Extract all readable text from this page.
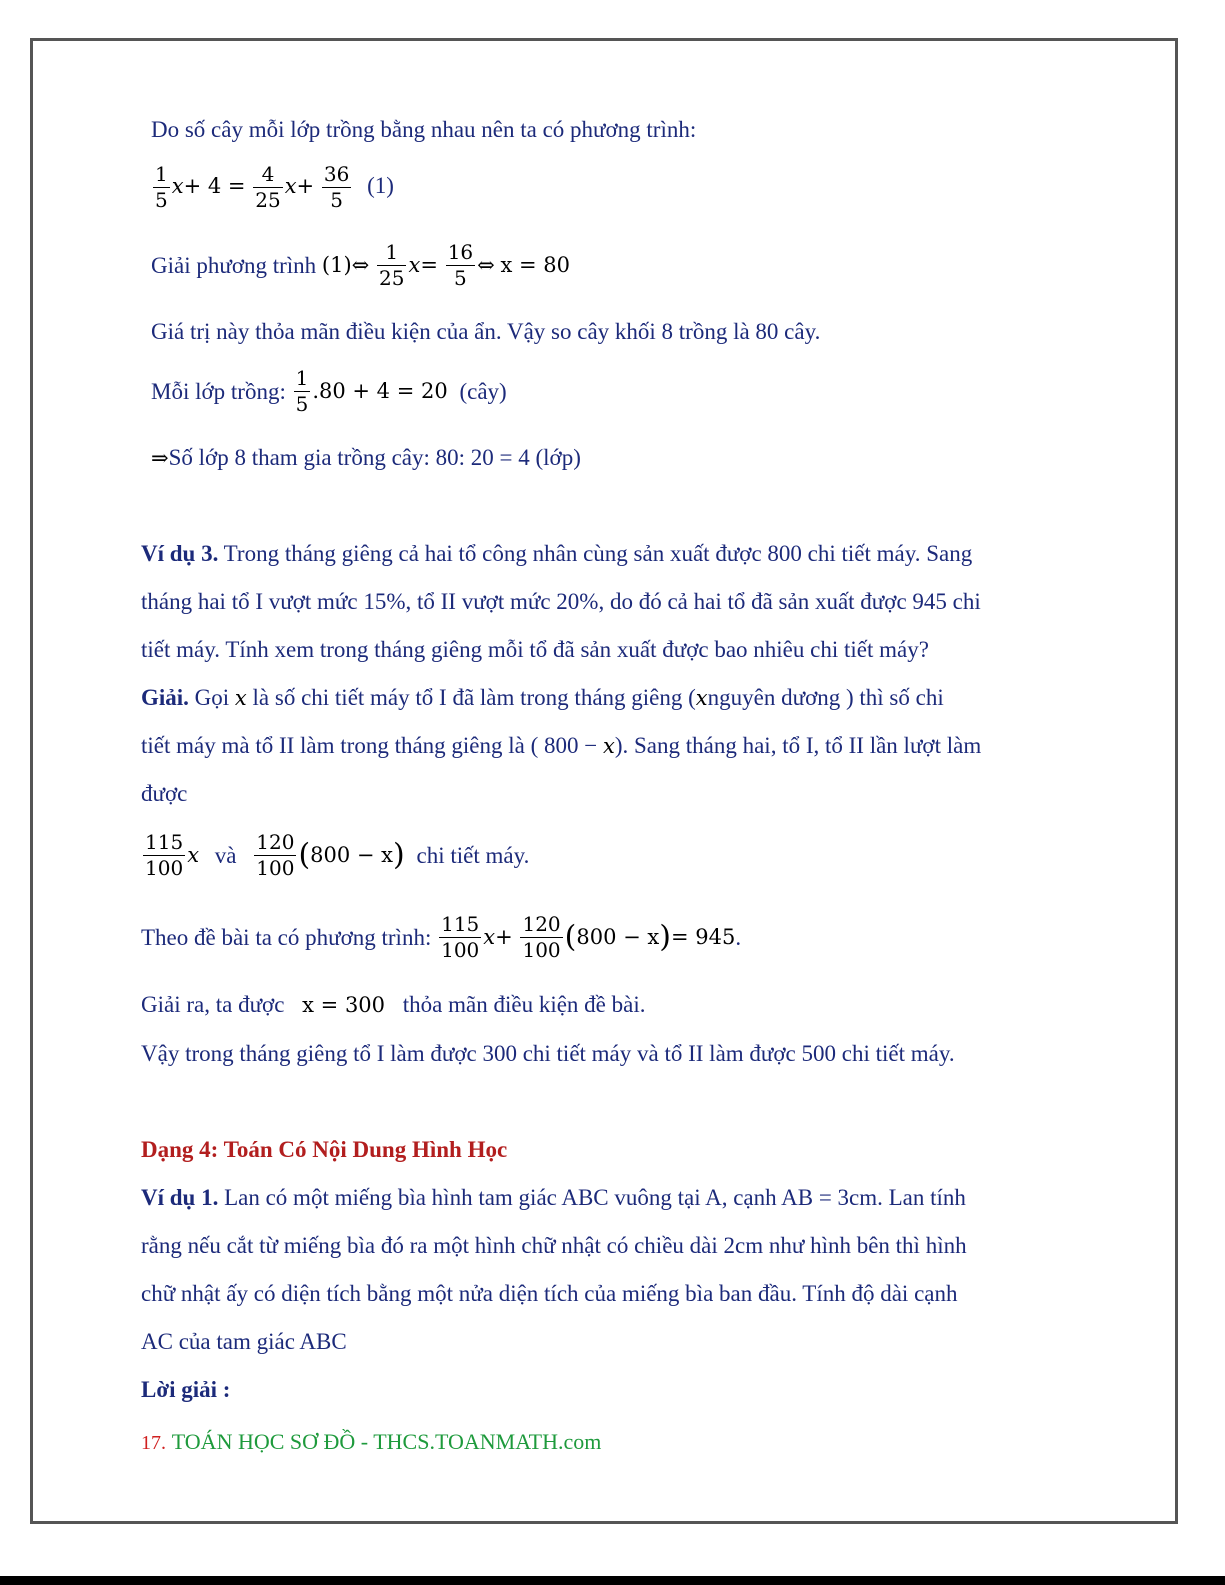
Do số cây mỗi lớp trồng bằng nhau nên ta có phương trình:
$\frac{1}{5} x+ 4 = \frac{4}{25} x+ \frac{36}{5} (1)$
Giải phương trình (1)⇔ $\frac{1}{25} x= \frac{16}{5}$ ⇔ x = 80
Giá trị này thỏa mãn điều kiện của ẩn. Vậy so cây khối 8 trồng là 80 cây.
Mỗi lớp trồng: $\frac{1}{5} .80 + 4 = 20$ (cây)
⇒Số lớp 8 tham gia trồng cây: 80: 20 = 4 (lớp)
Ví dụ 3. Trong tháng giêng cả hai tổ công nhân cùng sản xuất được 800 chi tiết máy. Sang
tháng hai tổ I vượt mức 15%, tổ II vượt mức 20%, do đó cả hai tổ đã sản xuất được 945 chi
tiết máy. Tính xem trong tháng giêng mỗi tổ đã sản xuất được bao nhiêu chi tiết máy?
Giải. Gọi x là số chi tiết máy tổ I đã làm trong tháng giêng (xnguyên dương ) thì số chi
tiết máy mà tổ II làm trong tháng giêng là ( 800 − x). Sang tháng hai, tổ I, tổ II lần lượt làm
được
$\frac{115}{100}$ x và $\frac{120}{100} (800 - x)$ chi tiết máy.
Theo đề bài ta có phương trình: $\frac{115}{100} x+ \frac{120}{100} (800 - x)= 945$.
Giải ra, ta được x = 300 thỏa mãn điều kiện đề bài.
Vậy trong tháng giêng tổ I làm được 300 chi tiết máy và tổ II làm được 500 chi tiết máy.
Dạng 4: Toán Có Nội Dung Hình Học
Ví dụ 1. Lan có một miếng bìa hình tam giác ABC vuông tại A, cạnh AB = 3cm. Lan tính
rằng nếu cắt từ miếng bìa đó ra một hình chữ nhật có chiều dài 2cm như hình bên thì hình
chữ nhật ấy có diện tích bằng một nửa diện tích của miếng bìa ban đầu. Tính độ dài cạnh
AC của tam giác ABC
Lời giải :
17. TOÁN HỌC SƠ ĐỒ - THCS.TOANMATH.com
